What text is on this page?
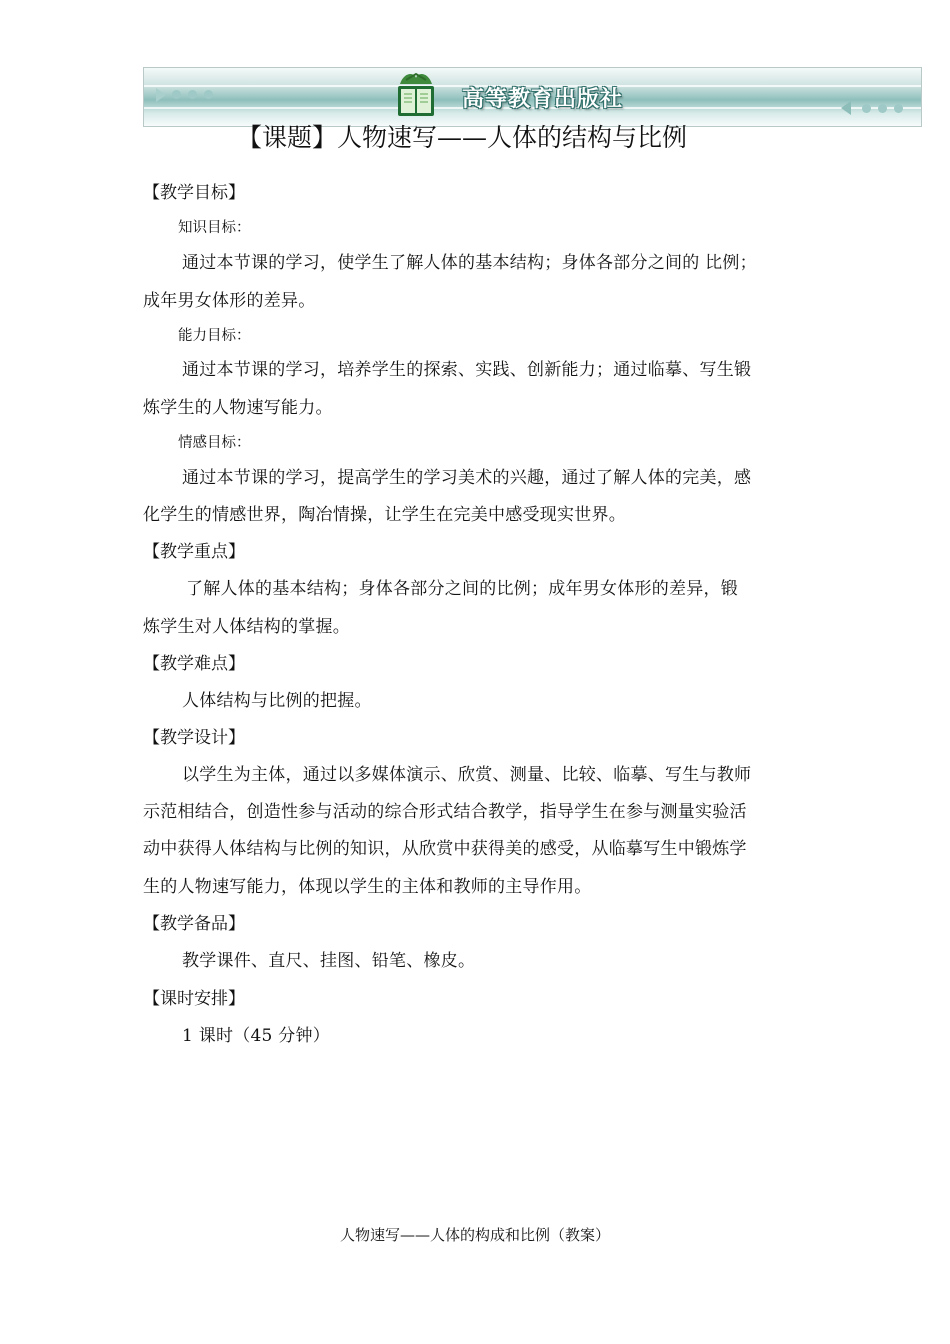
高等教育出版社
【课题】人物速写——人体的结构与比例
【教学目标】
知识目标：
通过本节课的学习，使学生了解人体的基本结构；身体各部分之间的 比例；
成年男女体形的差异。
能力目标：
通过本节课的学习，培养学生的探索、实践、创新能力；通过临摹、写生锻
炼学生的人物速写能力。
情感目标：
通过本节课的学习，提高学生的学习美术的兴趣，通过了解人体的完美，感
化学生的情感世界，陶冶情操，让学生在完美中感受现实世界。
【教学重点】
了解人体的基本结构；身体各部分之间的比例；成年男女体形的差异，锻
炼学生对人体结构的掌握。
【教学难点】
人体结构与比例的把握。
【教学设计】
以学生为主体，通过以多媒体演示、欣赏、测量、比较、临摹、写生与教师
示范相结合，创造性参与活动的综合形式结合教学，指导学生在参与测量实验活
动中获得人体结构与比例的知识，从欣赏中获得美的感受，从临摹写生中锻炼学
生的人物速写能力，体现以学生的主体和教师的主导作用。
【教学备品】
教学课件、直尺、挂图、铅笔、橡皮。
【课时安排】
1 课时（45 分钟）
人物速写——人体的构成和比例（教案）
